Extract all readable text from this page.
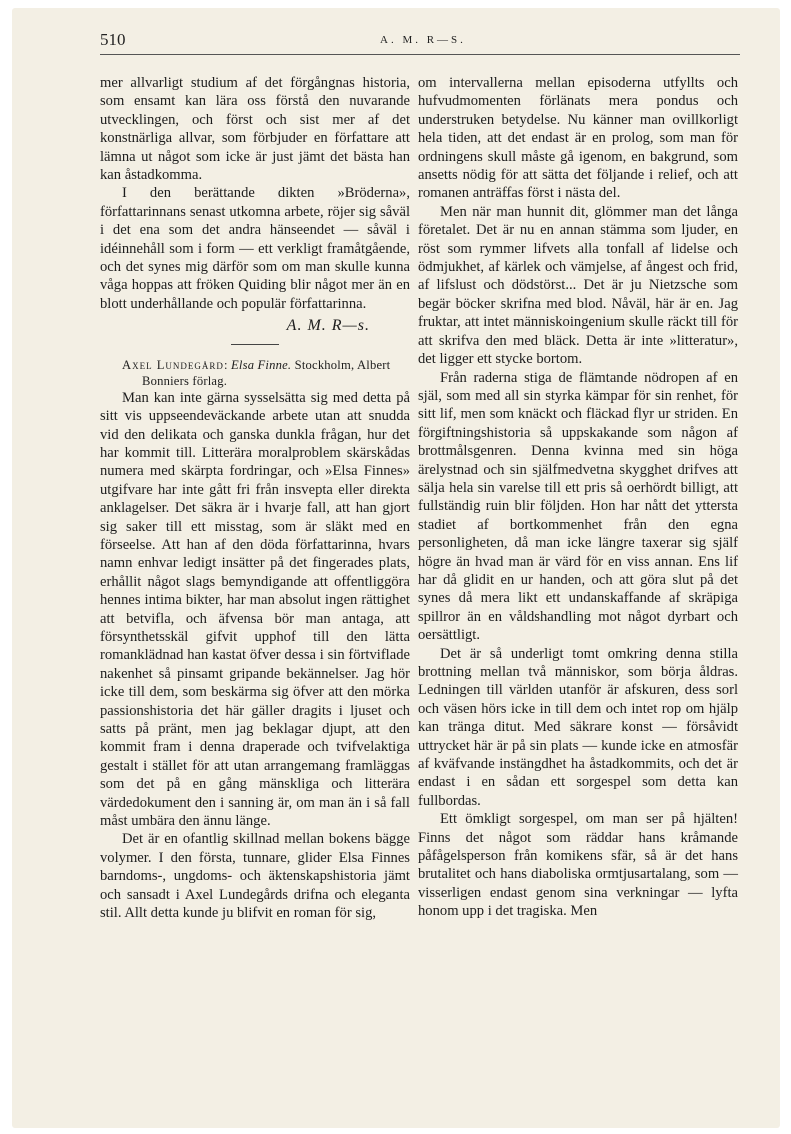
510	A. M. R—S.

mer allvarligt studium af det förgångnas historia, som ensamt kan lära oss förstå den nuvarande utvecklingen, och först och sist mer af det konstnärliga allvar, som förbjuder en författare att lämna ut något som icke är just jämt det bästa han kan åstadkomma.

I den berättande dikten »Bröderna», författarinnans senast utkomna arbete, röjer sig såväl i det ena som det andra hänseendet — såväl i idéinnehåll som i form — ett verkligt framåtgående, och det synes mig därför som om man skulle kunna våga hoppas att fröken Quiding blir något mer än en blott underhållande och populär författarinna.

A. M. R—s.

Axel Lundegård: Elsa Finne. Stockholm, Albert
Bonniers förlag.

Man kan inte gärna sysselsätta sig med detta på sitt vis uppseendeväckande arbete utan att snudda vid den delikata och ganska dunkla frågan, hur det har kommit till. Litterära moralproblem skärskådas numera med skärpta fordringar, och »Elsa Finnes» utgifvare har inte gått fri från insvepta eller direkta anklagelser. Det säkra är i hvarje fall, att han gjort sig saker till ett misstag, som är släkt med en förseelse. Att han af den döda författarinna, hvars namn enhvar ledigt insätter på det fingerades plats, erhållit något slags bemyndigande att offentliggöra hennes intima bikter, har man absolut ingen rättighet att betvifla, och äfvensa bör man antaga, att försynthetsskäl gifvit upphof till den lätta romanklädnad han kastat öfver dessa i sin förtviflade nakenhet så pinsamt gripande bekännelser. Jag hör icke till dem, som beskärma sig öfver att den mörka passionshistoria det här gäller dragits i ljuset och satts på pränt, men jag beklagar djupt, att den kommit fram i denna draperade och tvifvelaktiga gestalt i stället för att utan arrangemang framläggas som det på en gång mänskliga och litterära värdedokument den i sanning är, om man än i så fall måst umbära den ännu länge.

Det är en ofantlig skillnad mellan bokens bägge volymer. I den första, tunnare, glider Elsa Finnes barndoms-, ungdoms- och äktenskapshistoria jämt och sansadt i Axel Lundegårds drifna och eleganta stil. Allt detta kunde ju blifvit en roman för sig,

om intervallerna mellan episoderna utfyllts och hufvudmomenten förlänats mera pondus och understruken betydelse. Nu känner man ovillkorligt hela tiden, att det endast är en prolog, som man för ordningens skull måste gå igenom, en bakgrund, som ansetts nödig för att sätta det följande i relief, och att romanen anträffas först i nästa del.

Men när man hunnit dit, glömmer man det långa företalet. Det är nu en annan stämma som ljuder, en röst som rymmer lifvets alla tonfall af lidelse och ödmjukhet, af kärlek och vämjelse, af ångest och frid, af lifslust och dödstörst... Det är ju Nietzsche som begär böcker skrifna med blod. Nåväl, här är en. Jag fruktar, att intet människoingenium skulle räckt till för att skrifva den med bläck. Detta är inte »litteratur», det ligger ett stycke bortom.

Från raderna stiga de flämtande nödropen af en själ, som med all sin styrka kämpar för sin renhet, för sitt lif, men som knäckt och fläckad flyr ur striden. En förgiftningshistoria så uppskakande som någon af brottmålsgenren. Denna kvinna med sin höga ärelystnad och sin själfmedvetna skygghet drifves att sälja hela sin varelse till ett pris så oerhördt billigt, att fullständig ruin blir följden. Hon har nått det yttersta stadiet af bortkommenhet från den egna personligheten, då man icke längre taxerar sig själf högre än hvad man är värd för en viss annan. Ens lif har då glidit en ur handen, och att göra slut på det synes då mera likt ett undanskaffande af skräpiga spillror än en våldshandling mot något dyrbart och oersättligt.

Det är så underligt tomt omkring denna stilla brottning mellan två människor, som börja åldras. Ledningen till världen utanför är afskuren, dess sorl och väsen hörs icke in till dem och intet rop om hjälp kan tränga ditut. Med säkrare konst — försåvidt uttrycket här är på sin plats — kunde icke en atmosfär af kväfvande instängdhet ha åstadkommits, och det är endast i en sådan ett sorgespel som detta kan fullbordas.

Ett ömkligt sorgespel, om man ser på hjälten! Finns det något som räddar hans kråmande påfågelsperson från komikens sfär, så är det hans brutalitet och hans diaboliska ormtjusartalang, som — visserligen endast genom sina verkningar — lyfta honom upp i det tragiska. Men
